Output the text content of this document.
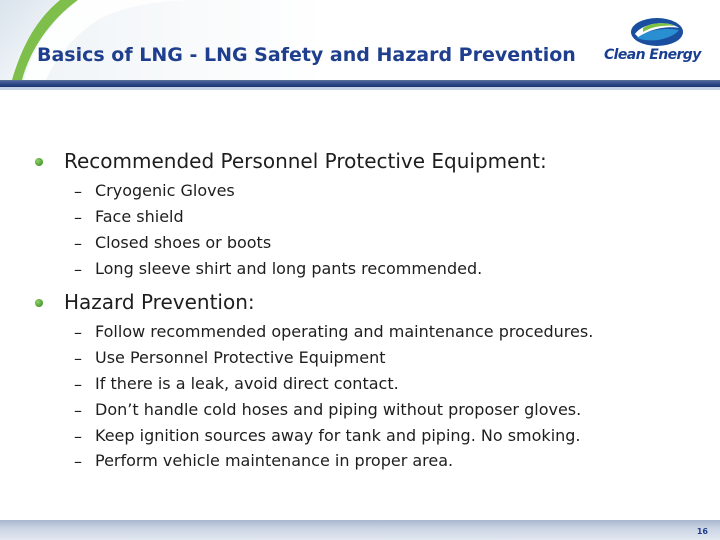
Basics of LNG - LNG Safety and Hazard Prevention Clean Energy
Recommended Personnel Protective Equipment:
– Cryogenic Gloves
– Face shield
– Closed shoes or boots
– Long sleeve shirt and long pants recommended.
Hazard Prevention:
– Follow recommended operating and maintenance procedures.
– Use Personnel Protective Equipment
– If there is a leak, avoid direct contact.
– Don’t handle cold hoses and piping without proposer gloves.
– Keep ignition sources away for tank and piping. No smoking.
– Perform vehicle maintenance in proper area.
16
